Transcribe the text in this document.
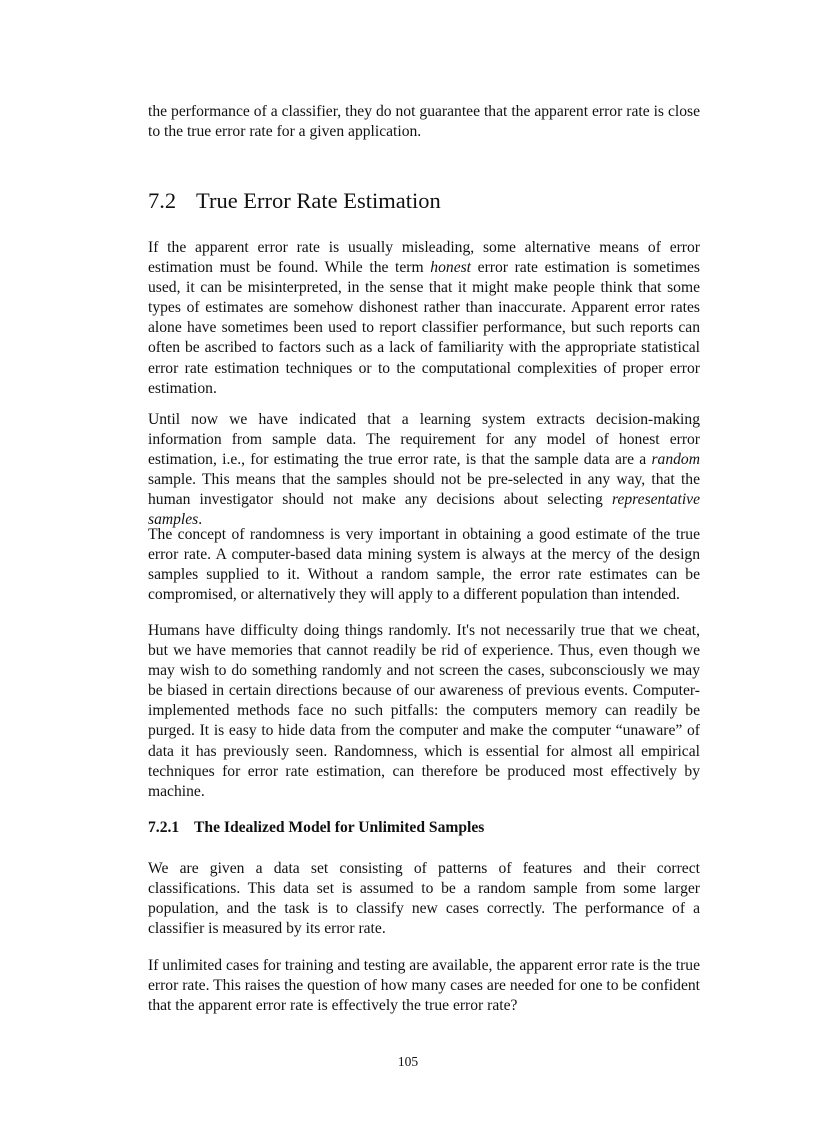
the performance of a classifier, they do not guarantee that the apparent error rate is close to the true error rate for a given application.

7.2 True Error Rate Estimation

If the apparent error rate is usually misleading, some alternative means of error estimation must be found. While the term honest error rate estimation is sometimes used, it can be misinterpreted, in the sense that it might make people think that some types of estimates are somehow dishonest rather than inaccurate. Apparent error rates alone have sometimes been used to report classifier performance, but such reports can often be ascribed to factors such as a lack of familiarity with the appropriate statistical error rate estimation techniques or to the computational complexities of proper error estimation.

Until now we have indicated that a learning system extracts decision-making information from sample data. The requirement for any model of honest error estimation, i.e., for estimating the true error rate, is that the sample data are a random sample. This means that the samples should not be pre-selected in any way, that the human investigator should not make any decisions about selecting representative samples.

The concept of randomness is very important in obtaining a good estimate of the true error rate. A computer-based data mining system is always at the mercy of the design samples supplied to it. Without a random sample, the error rate estimates can be compromised, or alternatively they will apply to a different population than intended.

Humans have difficulty doing things randomly. It's not necessarily true that we cheat, but we have memories that cannot readily be rid of experience. Thus, even though we may wish to do something randomly and not screen the cases, subconsciously we may be biased in certain directions because of our awareness of previous events. Computer-implemented methods face no such pitfalls: the computers memory can readily be purged. It is easy to hide data from the computer and make the computer “unaware” of data it has previously seen. Randomness, which is essential for almost all empirical techniques for error rate estimation, can therefore be produced most effectively by machine.

7.2.1 The Idealized Model for Unlimited Samples

We are given a data set consisting of patterns of features and their correct classifications. This data set is assumed to be a random sample from some larger population, and the task is to classify new cases correctly. The performance of a classifier is measured by its error rate.

If unlimited cases for training and testing are available, the apparent error rate is the true error rate. This raises the question of how many cases are needed for one to be confident that the apparent error rate is effectively the true error rate?

105
